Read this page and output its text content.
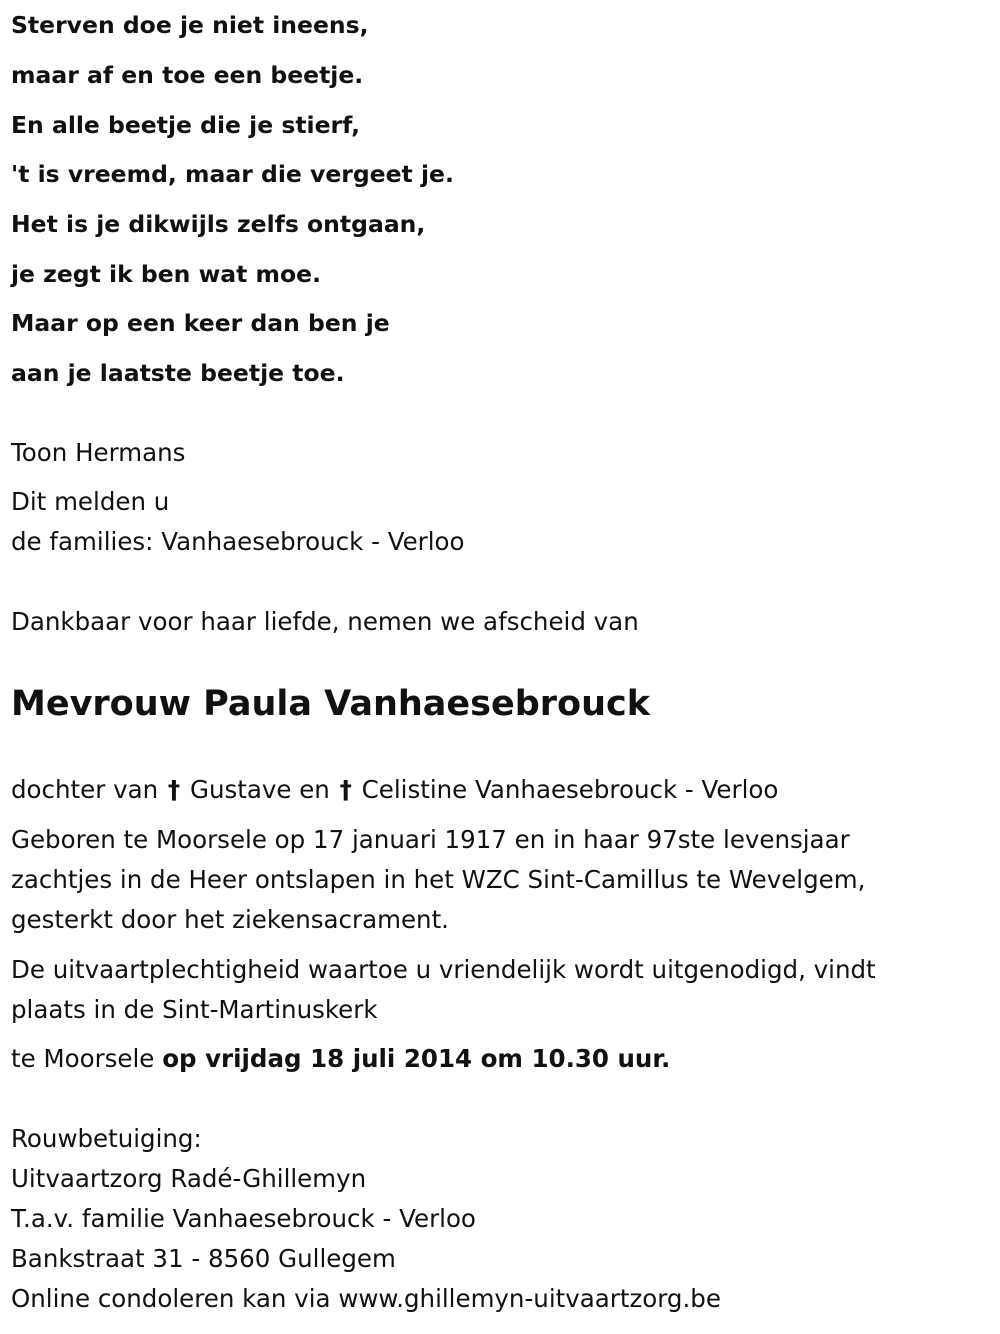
Sterven doe je niet ineens,
maar af en toe een beetje.
En alle beetje die je stierf,
't is vreemd, maar die vergeet je.
Het is je dikwijls zelfs ontgaan,
je zegt ik ben wat moe.
Maar op een keer dan ben je
aan je laatste beetje toe.
Toon Hermans
Dit melden u
de families: Vanhaesebrouck - Verloo
Dankbaar voor haar liefde, nemen we afscheid van
Mevrouw Paula Vanhaesebrouck
dochter van † Gustave en † Celistine Vanhaesebrouck - Verloo
Geboren te Moorsele op 17 januari 1917 en in haar 97ste levensjaar
zachtjes in de Heer ontslapen in het WZC Sint-Camillus te Wevelgem,
gesterkt door het ziekensacrament.
De uitvaartplechtigheid waartoe u vriendelijk wordt uitgenodigd, vindt
plaats in de Sint-Martinuskerk
te Moorsele op vrijdag 18 juli 2014 om 10.30 uur.
Rouwbetuiging:
Uitvaartzorg Radé-Ghillemyn
T.a.v. familie Vanhaesebrouck - Verloo
Bankstraat 31 - 8560 Gullegem
Online condoleren kan via www.ghillemyn-uitvaartzorg.be
